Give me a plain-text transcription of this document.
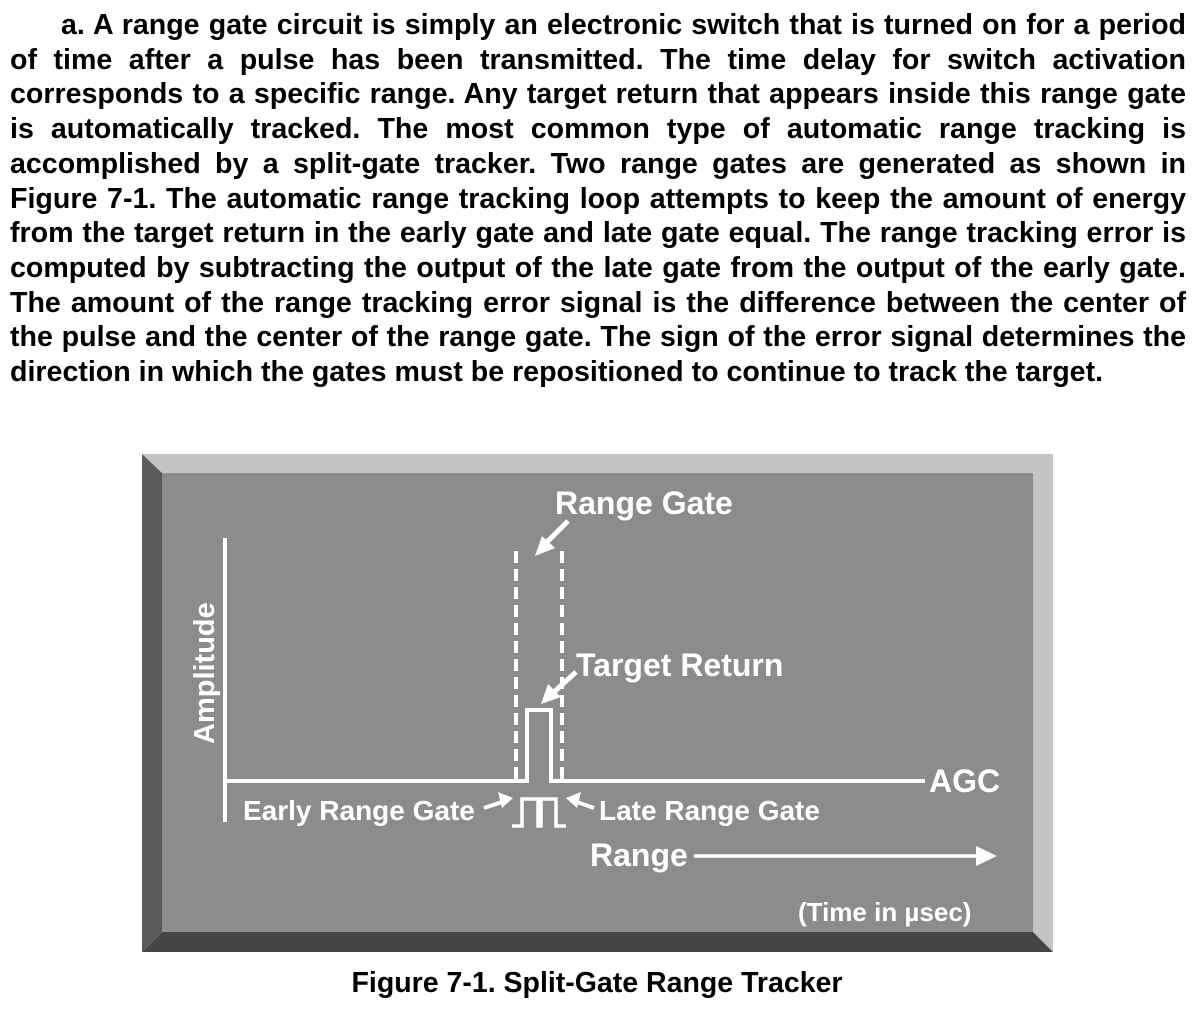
a. A range gate circuit is simply an electronic switch that is turned on for a period of time after a pulse has been transmitted. The time delay for switch activation corresponds to a specific range. Any target return that appears inside this range gate is automatically tracked. The most common type of automatic range tracking is accomplished by a split-gate tracker. Two range gates are generated as shown in Figure 7-1. The automatic range tracking loop attempts to keep the amount of energy from the target return in the early gate and late gate equal. The range tracking error is computed by subtracting the output of the late gate from the output of the early gate. The amount of the range tracking error signal is the difference between the center of the pulse and the center of the range gate. The sign of the error signal determines the direction in which the gates must be repositioned to continue to track the target.

Range Gate
Target Return
Amplitude
AGC
Early Range Gate	Late Range Gate
Range
(Time in µsec)
Figure 7-1. Split-Gate Range Tracker
